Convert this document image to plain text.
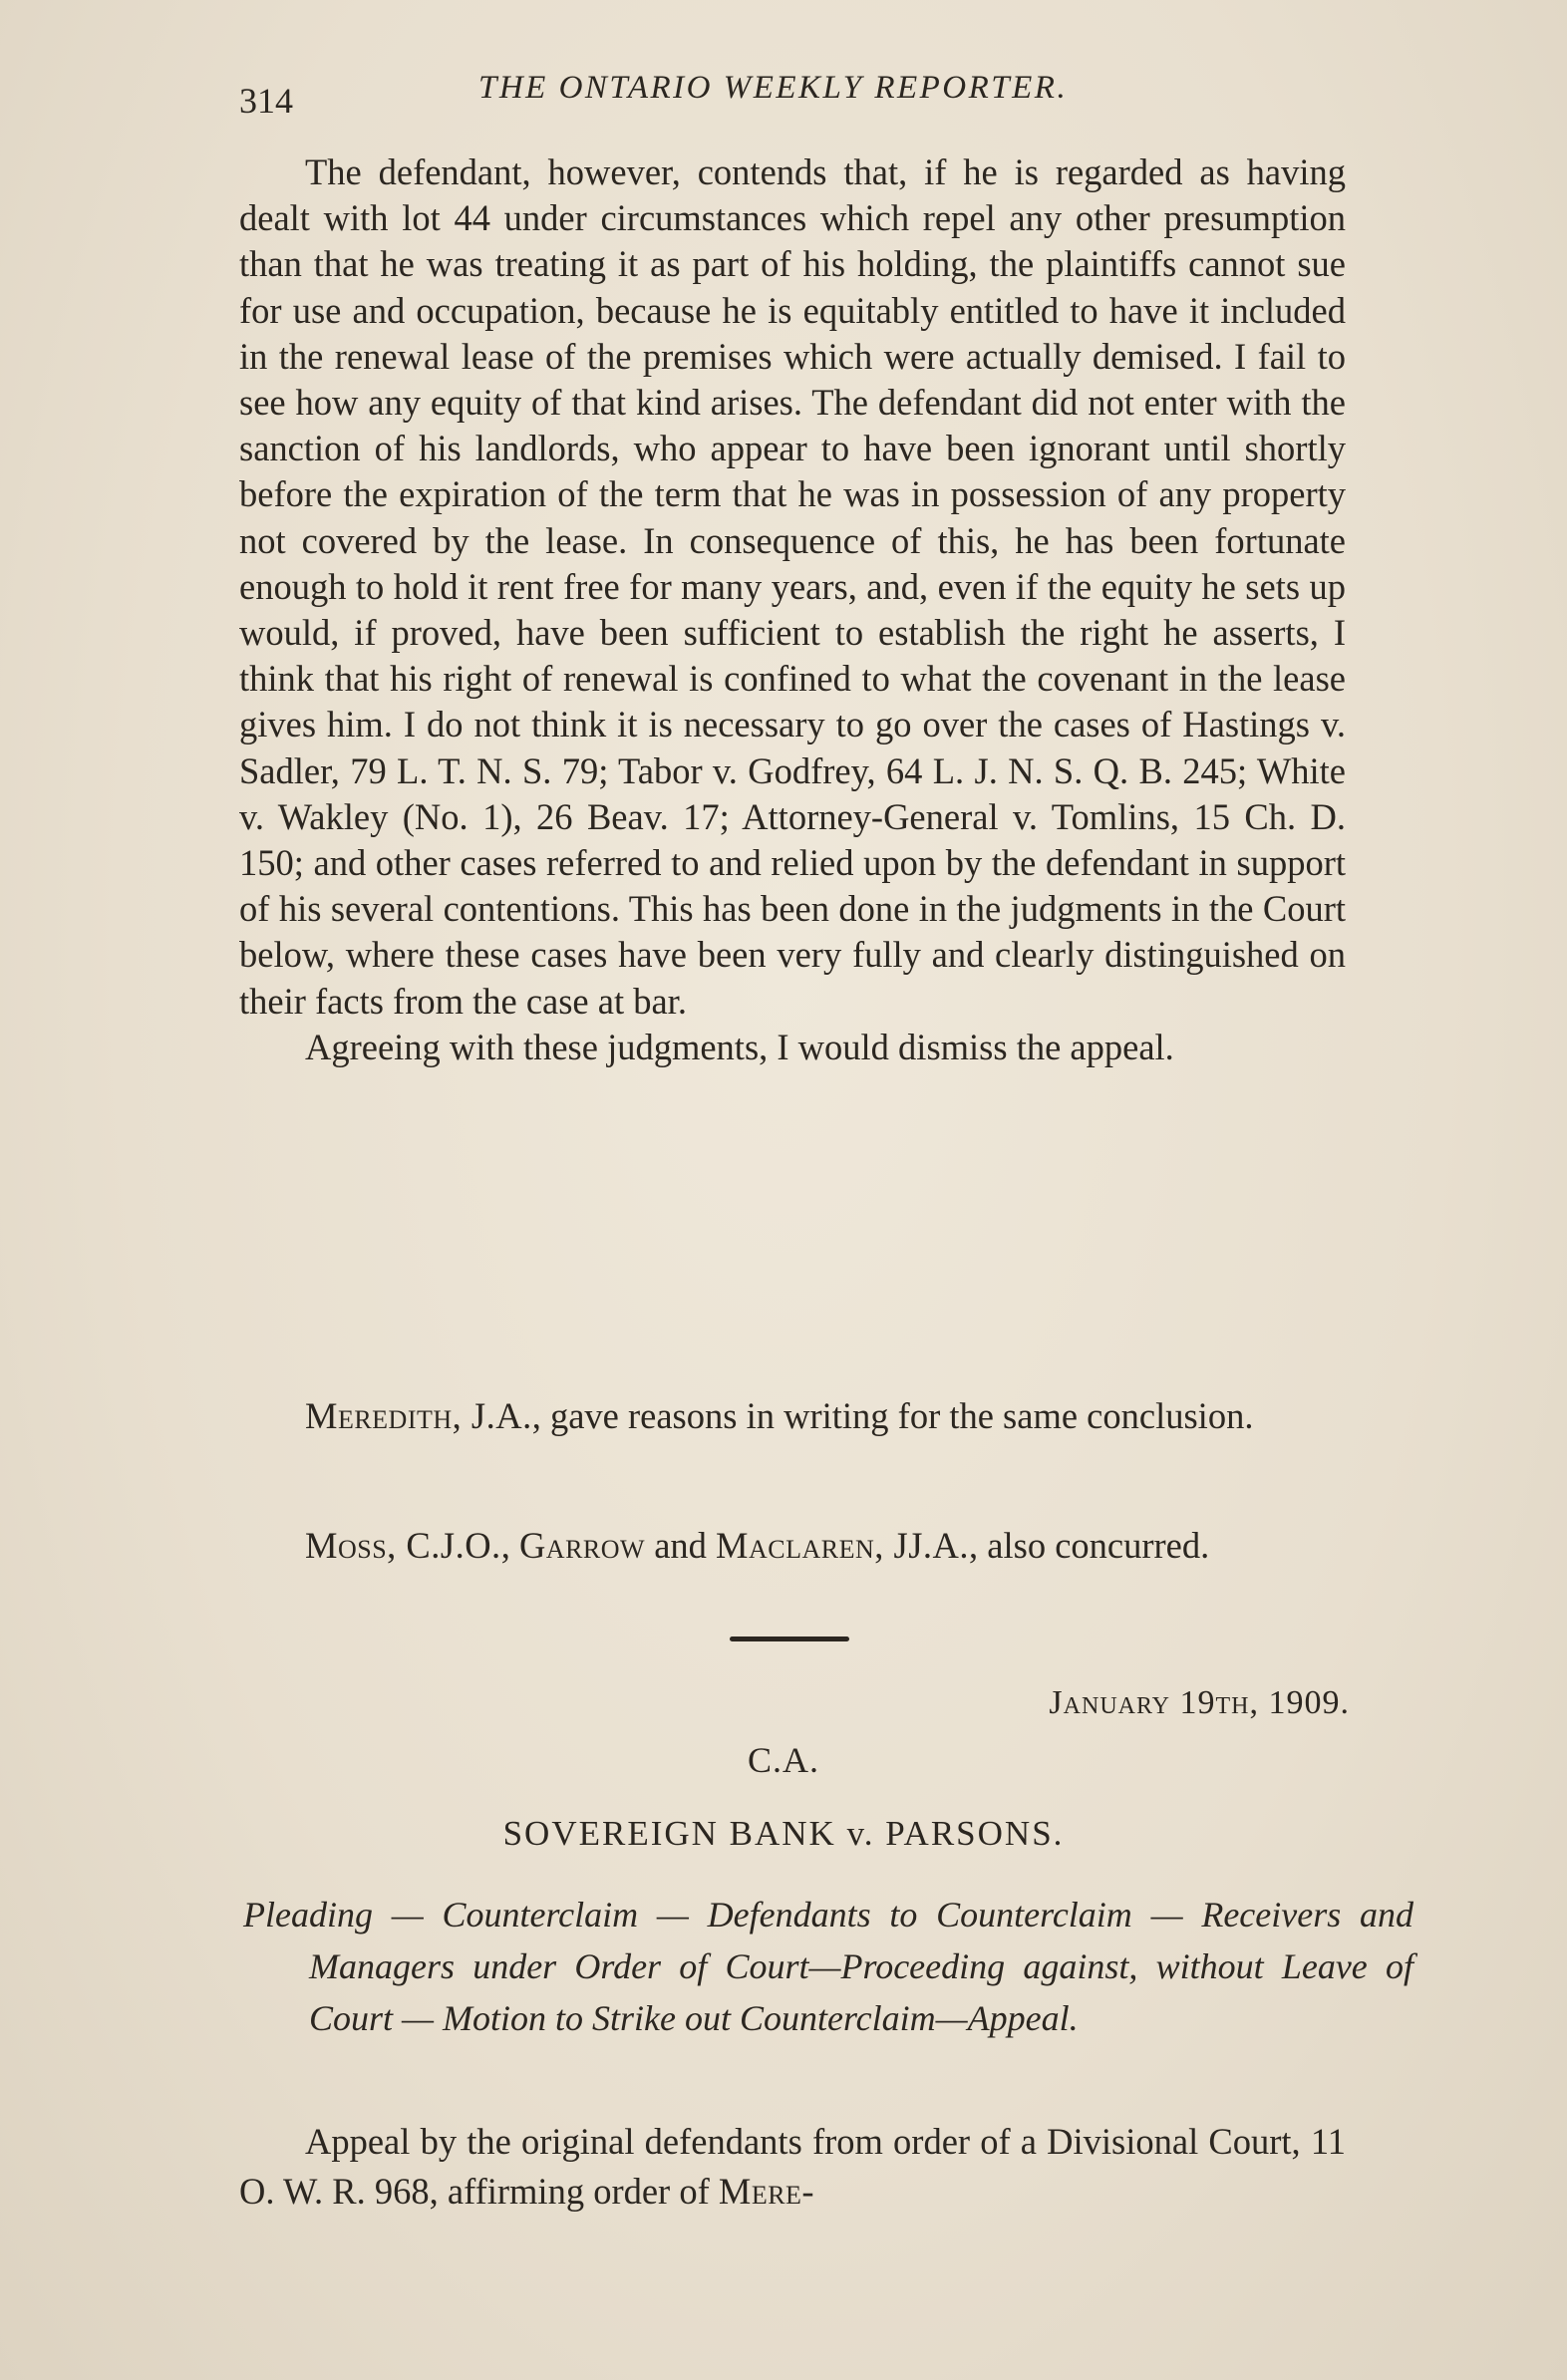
314	THE ONTARIO WEEKLY REPORTER.

The defendant, however, contends that, if he is regarded as having dealt with lot 44 under circumstances which repel any other presumption than that he was treating it as part of his holding, the plaintiffs cannot sue for use and occupation, because he is equitably entitled to have it included in the renewal lease of the premises which were actually demised. I fail to see how any equity of that kind arises. The defendant did not enter with the sanction of his landlords, who appear to have been ignorant until shortly before the expiration of the term that he was in possession of any property not covered by the lease. In consequence of this, he has been fortunate enough to hold it rent free for many years, and, even if the equity he sets up would, if proved, have been sufficient to establish the right he asserts, I think that his right of renewal is confined to what the covenant in the lease gives him. I do not think it is necessary to go over the cases of Hastings v. Sadler, 79 L. T. N. S. 79; Tabor v. Godfrey, 64 L. J. N. S. Q. B. 245; White v. Wakley (No. 1), 26 Beav. 17; Attorney-General v. Tomlins, 15 Ch. D. 150; and other cases referred to and relied upon by the defendant in support of his several contentions. This has been done in the judgments in the Court below, where these cases have been very fully and clearly distinguished on their facts from the case at bar.

Agreeing with these judgments, I would dismiss the appeal.

Meredith, J.A., gave reasons in writing for the same conclusion.

Moss, C.J.O., Garrow and Maclaren, JJ.A., also concurred.

January 19th, 1909.
C.A.
SOVEREIGN BANK v. PARSONS.
Pleading — Counterclaim — Defendants to Counterclaim — Receivers and Managers under Order of Court—Proceeding against, without Leave of Court — Motion to Strike out Counterclaim—Appeal.
Appeal by the original defendants from order of a Divisional Court, 11 O. W. R. 968, affirming order of Mere-
